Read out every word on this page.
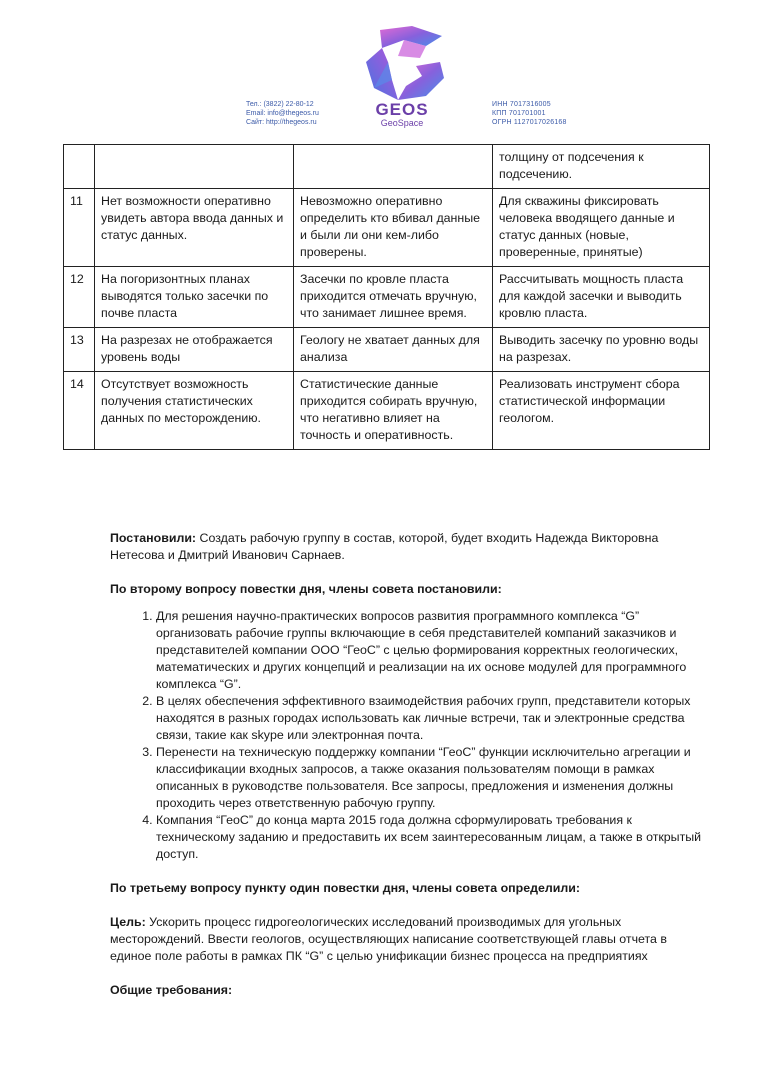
Тел.: (3822) 22-80-12
Email: info@thegeos.ru
Сайт: http://thegeos.ru
GEOS
GeoSpace
ИНН 7017316005
КПП 701701001
ОГРН 1127017026168
			толщину от подсечения к подсечению.
11	Нет возможности оперативно увидеть автора ввода данных и статус данных.	Невозможно оперативно определить кто вбивал данные и были ли они кем-либо проверены.	Для скважины фиксировать человека вводящего данные и статус данных (новые, проверенные, принятые)
12	На погоризонтных планах выводятся только засечки по почве пласта	Засечки по кровле пласта приходится отмечать вручную, что занимает лишнее время.	Рассчитывать мощность пласта для каждой засечки и выводить кровлю пласта.
13	На разрезах не отображается уровень воды	Геологу не хватает данных для анализа	Выводить засечку по уровню воды на разрезах.
14	Отсутствует возможность получения статистических данных по месторождению.	Статистические данные приходится собирать вручную, что негативно влияет на точность и оперативность.	Реализовать инструмент сбора статистической информации геологом.

Постановили: Создать рабочую группу в состав, которой, будет входить Надежда Викторовна Нетесова и Дмитрий Иванович Сарнаев.

По второму вопросу повестки дня, члены совета постановили:

1. Для решения научно-практических вопросов развития программного комплекса “G” организовать рабочие группы включающие в себя представителей компаний заказчиков и представителей компании ООО “ГеоС” с целью формирования корректных геологических, математических и других концепций и реализации на их основе модулей для программного комплекса “G”.
2. В целях обеспечения эффективного взаимодействия рабочих групп, представители которых находятся в разных городах использовать как личные встречи, так и электронные средства связи, такие как skype или электронная почта.
3. Перенести на техническую поддержку компании “ГеоС” функции исключительно агрегации и классификации входных запросов, а также оказания пользователям помощи в рамках описанных в руководстве пользователя. Все запросы, предложения и изменения должны проходить через ответственную рабочую группу.
4. Компания “ГеоС” до конца марта 2015 года должна сформулировать требования к техническому заданию и предоставить их всем заинтересованным лицам, а также в открытый доступ.

По третьему вопросу пункту один повестки дня, члены совета определили:

Цель: Ускорить процесс гидрогеологических исследований производимых для угольных месторождений. Ввести геологов, осуществляющих написание соответствующей главы отчета в единое поле работы в рамках ПК “G” с целью унификации бизнес процесса на предприятиях

Общие требования:
